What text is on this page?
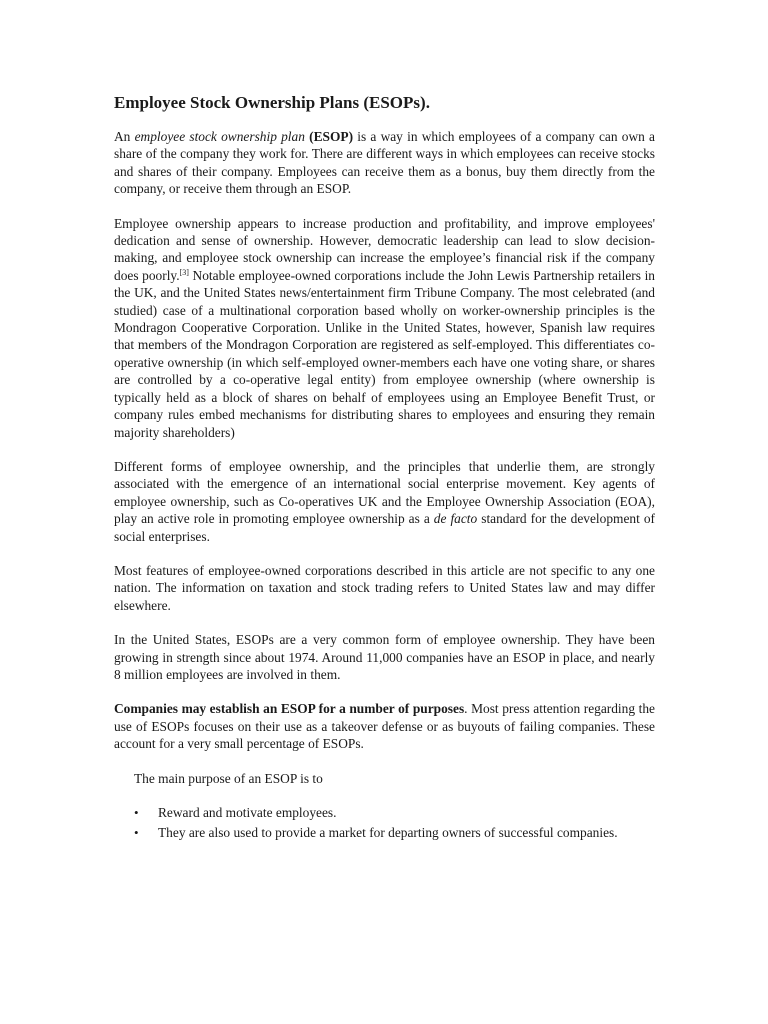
Employee Stock Ownership Plans (ESOPs).

An employee stock ownership plan (ESOP) is a way in which employees of a company can own a share of the company they work for. There are different ways in which employees can receive stocks and shares of their company. Employees can receive them as a bonus, buy them directly from the company, or receive them through an ESOP.

Employee ownership appears to increase production and profitability, and improve employees' dedication and sense of ownership. However, democratic leadership can lead to slow decision-making, and employee stock ownership can increase the employee’s financial risk if the company does poorly.[3] Notable employee-owned corporations include the John Lewis Partnership retailers in the UK, and the United States news/entertainment firm Tribune Company. The most celebrated (and studied) case of a multinational corporation based wholly on worker-ownership principles is the Mondragon Cooperative Corporation. Unlike in the United States, however, Spanish law requires that members of the Mondragon Corporation are registered as self-employed. This differentiates co-operative ownership (in which self-employed owner-members each have one voting share, or shares are controlled by a co-operative legal entity) from employee ownership (where ownership is typically held as a block of shares on behalf of employees using an Employee Benefit Trust, or company rules embed mechanisms for distributing shares to employees and ensuring they remain majority shareholders)

Different forms of employee ownership, and the principles that underlie them, are strongly associated with the emergence of an international social enterprise movement. Key agents of employee ownership, such as Co-operatives UK and the Employee Ownership Association (EOA), play an active role in promoting employee ownership as a de facto standard for the development of social enterprises.

Most features of employee-owned corporations described in this article are not specific to any one nation. The information on taxation and stock trading refers to United States law and may differ elsewhere.

In the United States, ESOPs are a very common form of employee ownership. They have been growing in strength since about 1974. Around 11,000 companies have an ESOP in place, and nearly 8 million employees are involved in them.

Companies may establish an ESOP for a number of purposes. Most press attention regarding the use of ESOPs focuses on their use as a takeover defense or as buyouts of failing companies. These account for a very small percentage of ESOPs.

The main purpose of an ESOP is to

• Reward and motivate employees.
• They are also used to provide a market for departing owners of successful companies.
